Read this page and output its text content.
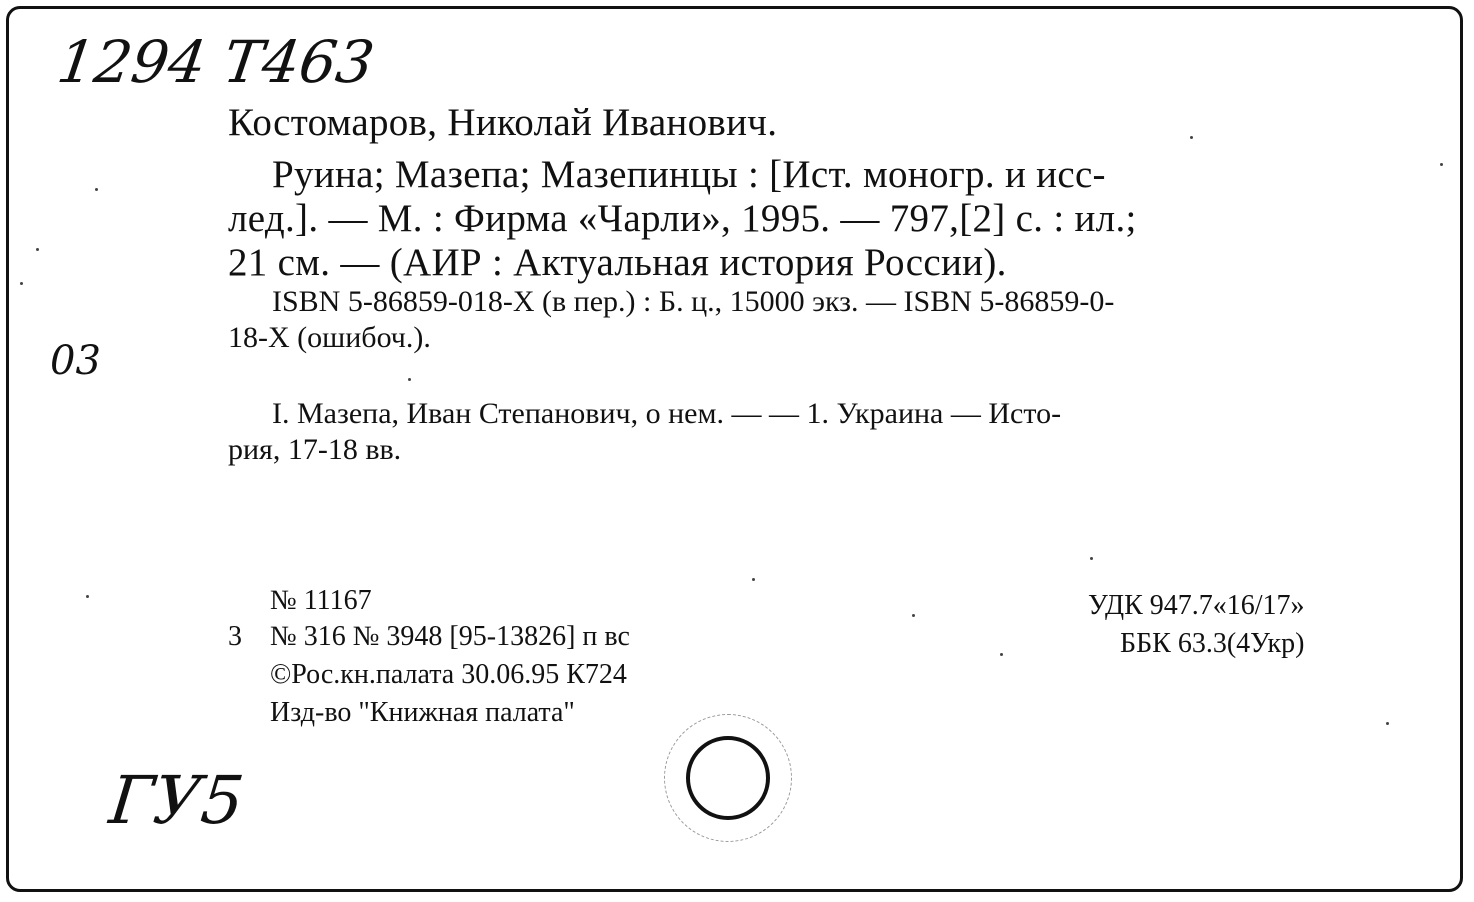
1294 Т463
03
ГУ5
Костомаров, Николай Иванович.
Руина; Мазепа; Мазепинцы : [Ист. моногр. и исс-
лед.]. — М. : Фирма «Чарли», 1995. — 797,[2] с. : ил.;
21 см. — (АИР : Актуальная история России).
ISBN 5-86859-018-X (в пер.) : Б. ц., 15000 экз. — ISBN 5-86859-0-
18-X (ошибоч.).
I. Мазепа, Иван Степанович, о нем. — — 1. Украина — Исто-
рия, 17-18 вв.
3
№ 11167
№ 316 № 3948 [95-13826] п вс
©Рос.кн.палата 30.06.95 К724
Изд-во "Книжная палата"
УДК 947.7«16/17»
ББК 63.3(4Укр)
